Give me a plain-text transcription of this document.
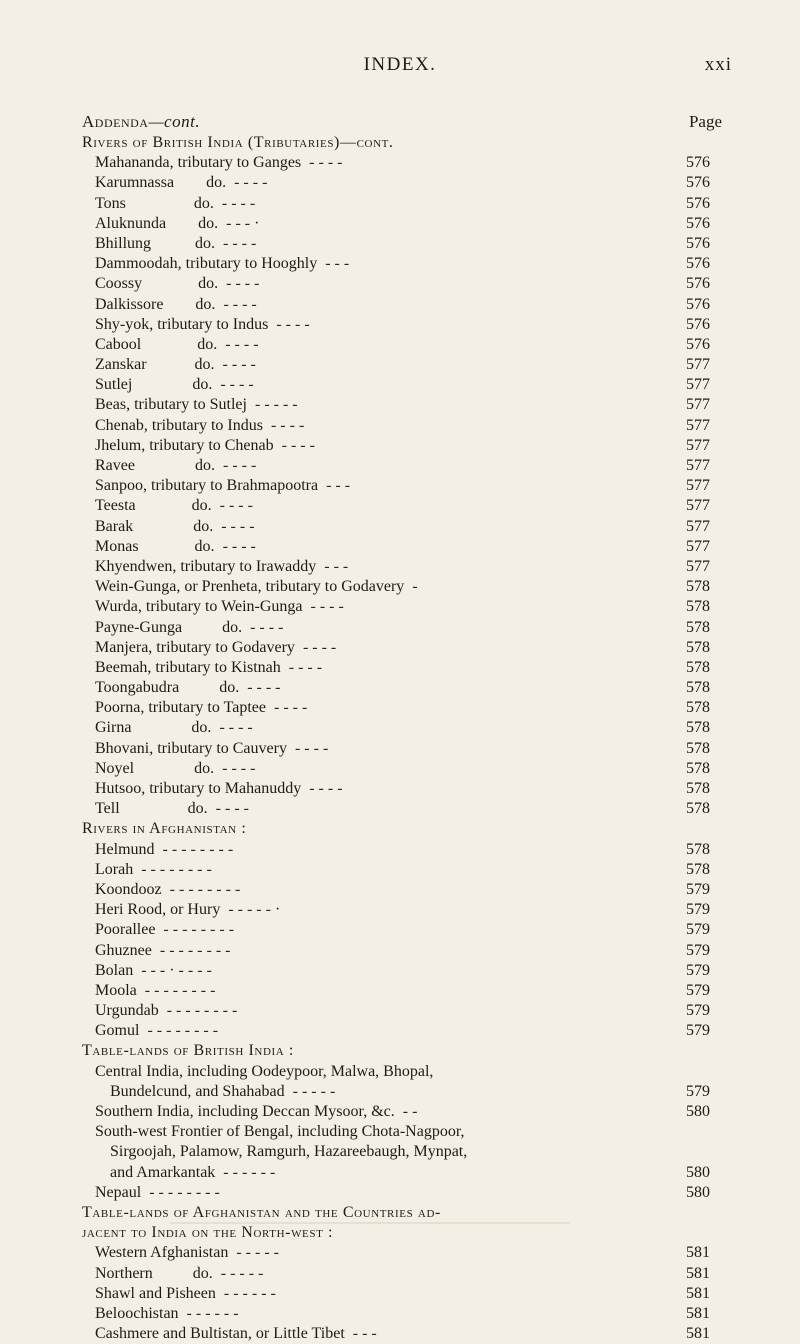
INDEX.	xxi
Addenda—cont.	Page
Rivers of British India (Tributaries)—cont.
Mahananda, tributary to Ganges  - - - -	576
Karumnassa        do.  - - - -	576
Tons                 do.  - - - -	576
Aluknunda        do.  - - - ·	576
Bhillung           do.  - - - -	576
Dammoodah, tributary to Hooghly  - - -	576
Coossy              do.  - - - -	576
Dalkissore        do.  - - - -	576
Shy-yok, tributary to Indus  - - - -	576
Cabool              do.  - - - -	576
Zanskar            do.  - - - -	577
Sutlej               do.  - - - -	577
Beas, tributary to Sutlej  - - - - -	577
Chenab, tributary to Indus  - - - -	577
Jhelum, tributary to Chenab  - - - -	577
Ravee               do.  - - - -	577
Sanpoo, tributary to Brahmapootra  - - -	577
Teesta              do.  - - - -	577
Barak               do.  - - - -	577
Monas              do.  - - - -	577
Khyendwen, tributary to Irawaddy  - - -	577
Wein-Gunga, or Prenheta, tributary to Godavery  -	578
Wurda, tributary to Wein-Gunga  - - - -	578
Payne-Gunga          do.  - - - -	578
Manjera, tributary to Godavery  - - - -	578
Beemah, tributary to Kistnah  - - - -	578
Toongabudra          do.  - - - -	578
Poorna, tributary to Taptee  - - - -	578
Girna               do.  - - - -	578
Bhovani, tributary to Cauvery  - - - -	578
Noyel               do.  - - - -	578
Hutsoo, tributary to Mahanuddy  - - - -	578
Tell                 do.  - - - -	578
Rivers in Afghanistan :
Helmund  - - - - - - - -	578
Lorah  - - - - - - - -	578
Koondooz  - - - - - - - -	579
Heri Rood, or Hury  - - - - - ·	579
Poorallee  - - - - - - - -	579
Ghuznee  - - - - - - - -	579
Bolan  - - - · - - - -	579
Moola  - - - - - - - -	579
Urgundab  - - - - - - - -	579
Gomul  - - - - - - - -	579
Table-lands of British India :
Central India, including Oodeypoor, Malwa, Bhopal,
Bundelcund, and Shahabad  - - - - -	579
Southern India, including Deccan Mysoor, &c.  - -	580
South-west Frontier of Bengal, including Chota-Nagpoor,
Sirgoojah, Palamow, Ramgurh, Hazareebaugh, Mynpat,
and Amarkantak  - - - - - -	580
Nepaul  - - - - - - - -	580
Table-lands of Afghanistan and the Countries ad-
jacent to India on the North-west :
Western Afghanistan  - - - - -	581
Northern          do.  - - - - -	581
Shawl and Pisheen  - - - - - -	581
Beloochistan  - - - - - -	581
Cashmere and Bultistan, or Little Tibet  - - -	581
